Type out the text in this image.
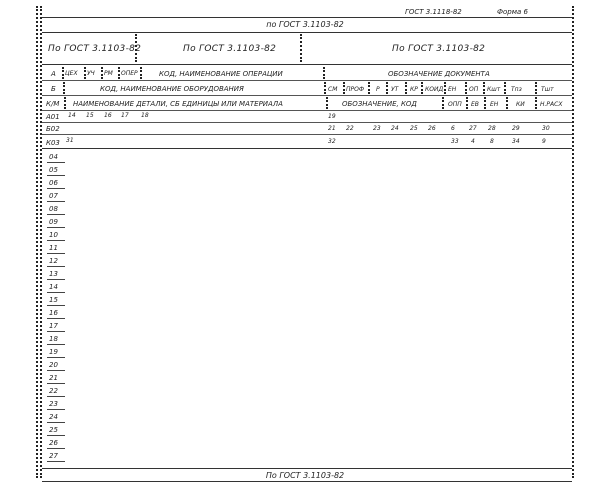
ГОСТ 3.1118-82	Форма 6
по ГОСТ 3.1103-82
По ГОСТ 3.1103-82	По ГОСТ 3.1103-82	По ГОСТ 3.1103-82
А ЦЕХ УЧ РМ ОПЕР	КОД, НАИМЕНОВАНИЕ ОПЕРАЦИИ	ОБОЗНАЧЕНИЕ ДОКУМЕНТА
Б	КОД, НАИМЕНОВАНИЕ ОБОРУДОВАНИЯ	СМ ПРОФ Р УТ КР КОИД ЕН ОП Кшт Тпз	Тшт
К/М НАИМЕНОВАНИЕ ДЕТАЛИ, СБ ЕДИНИЦЫ ИЛИ МАТЕРИАЛА	ОБОЗНАЧЕНИЕ, КОД	ОПП ЕВ ЕН	КИ	Н.РАСХ
А01 14 15 16 17 18	19
Б02	21 22	23 24 25 26	6 27 28	29	30
К03 31	32	33 4	8	34	9
04
05
06
07
08
09
10
11
12
13
14
15
16
17
18
19
20
21
22
23
24
25
26
27
По ГОСТ 3.1103-82
